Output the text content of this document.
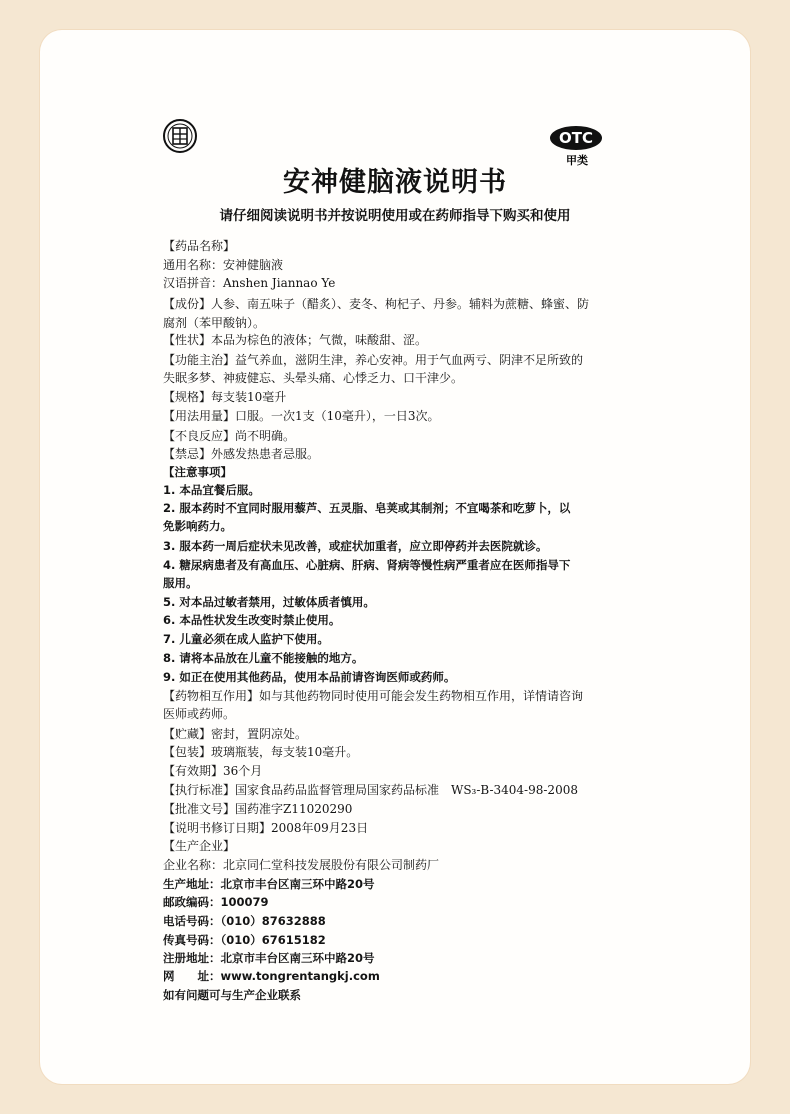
OTC
甲类
安神健脑液说明书
请仔细阅读说明书并按说明使用或在药师指导下购买和使用
【药品名称】
通用名称：安神健脑液
汉语拼音：Anshen Jiannao Ye
【成份】人参、南五味子（醋炙）、麦冬、枸杞子、丹参。辅料为蔗糖、蜂蜜、防
腐剂（苯甲酸钠）。
【性状】本品为棕色的液体；气微，味酸甜、涩。
【功能主治】益气养血，滋阴生津，养心安神。用于气血两亏、阴津不足所致的
失眠多梦、神疲健忘、头晕头痛、心悸乏力、口干津少。
【规格】每支装10毫升
【用法用量】口服。一次1支（10毫升），一日3次。
【不良反应】尚不明确。
【禁忌】外感发热患者忌服。
【注意事项】
1. 本品宜餐后服。
2. 服本药时不宜同时服用藜芦、五灵脂、皂荚或其制剂；不宜喝茶和吃萝卜，以
免影响药力。
3. 服本药一周后症状未见改善，或症状加重者，应立即停药并去医院就诊。
4. 糖尿病患者及有高血压、心脏病、肝病、肾病等慢性病严重者应在医师指导下
服用。
5. 对本品过敏者禁用，过敏体质者慎用。
6. 本品性状发生改变时禁止使用。
7. 儿童必须在成人监护下使用。
8. 请将本品放在儿童不能接触的地方。
9. 如正在使用其他药品，使用本品前请咨询医师或药师。
【药物相互作用】如与其他药物同时使用可能会发生药物相互作用，详情请咨询
医师或药师。
【贮藏】密封，置阴凉处。
【包装】玻璃瓶装，每支装10毫升。
【有效期】36个月
【执行标准】国家食品药品监督管理局国家药品标准　WS₃-B-3404-98-2008
【批准文号】国药准字Z11020290
【说明书修订日期】2008年09月23日
【生产企业】
企业名称：北京同仁堂科技发展股份有限公司制药厂
生产地址：北京市丰台区南三环中路20号
邮政编码：100079
电话号码：（010）87632888
传真号码：（010）67615182
注册地址：北京市丰台区南三环中路20号
网　　址：www.tongrentangkj.com
如有问题可与生产企业联系
